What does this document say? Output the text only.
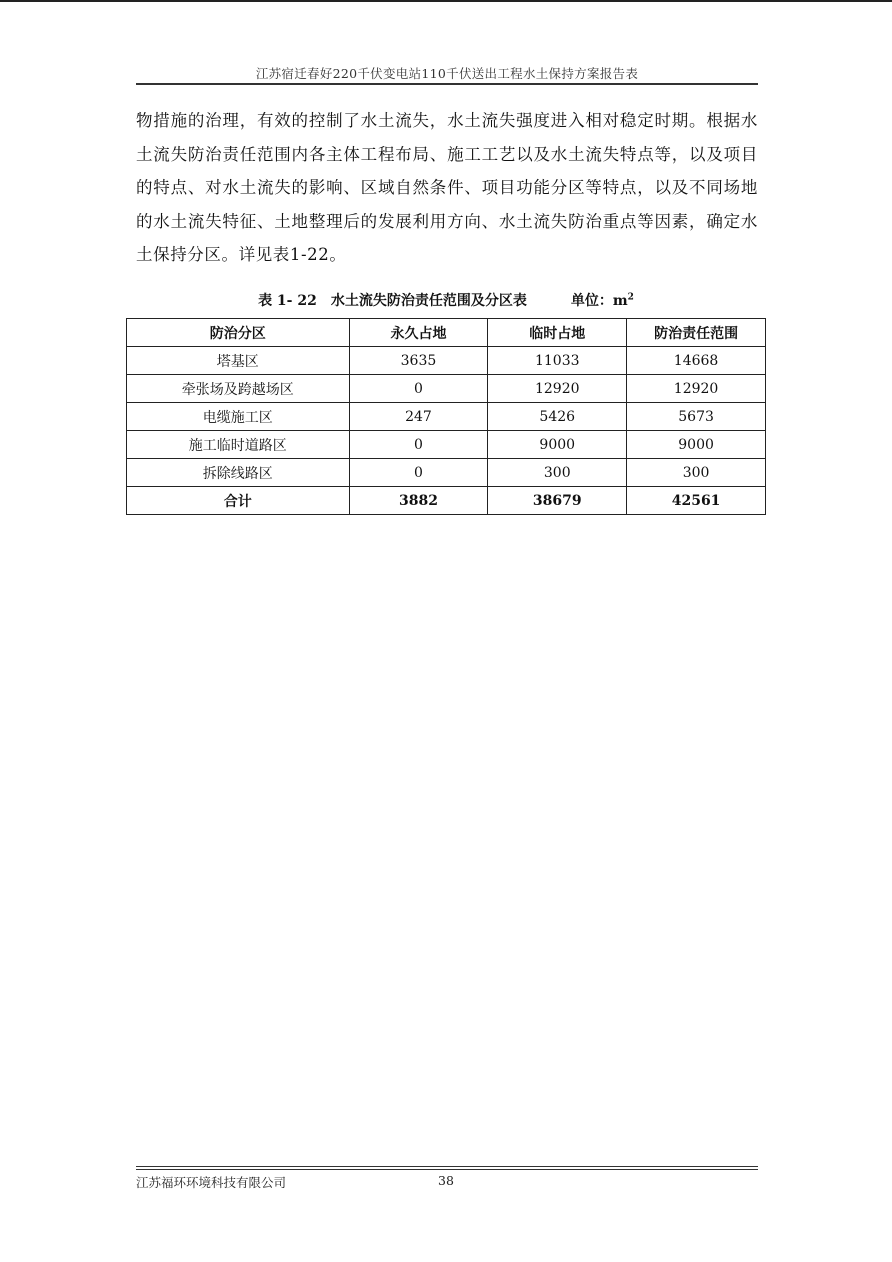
江苏宿迁春好220千伏变电站110千伏送出工程水土保持方案报告表

物措施的治理，有效的控制了水土流失，水土流失强度进入相对稳定时期。根据水土流失防治责任范围内各主体工程布局、施工工艺以及水土流失特点等，以及项目的特点、对水土流失的影响、区域自然条件、项目功能分区等特点，以及不同场地的水土流失特征、土地整理后的发展利用方向、水土流失防治重点等因素，确定水土保持分区。详见表1-22。

表 1- 22　水土流失防治责任范围及分区表	单位：$m^2$
防治分区	永久占地	临时占地	防治责任范围
塔基区	3635	11033	14668
牵张场及跨越场区	0	12920	12920
电缆施工区	247	5426	5673
施工临时道路区	0	9000	9000
拆除线路区	0	300	300
合计	3882	38679	42561
江苏福环环境科技有限公司	38
